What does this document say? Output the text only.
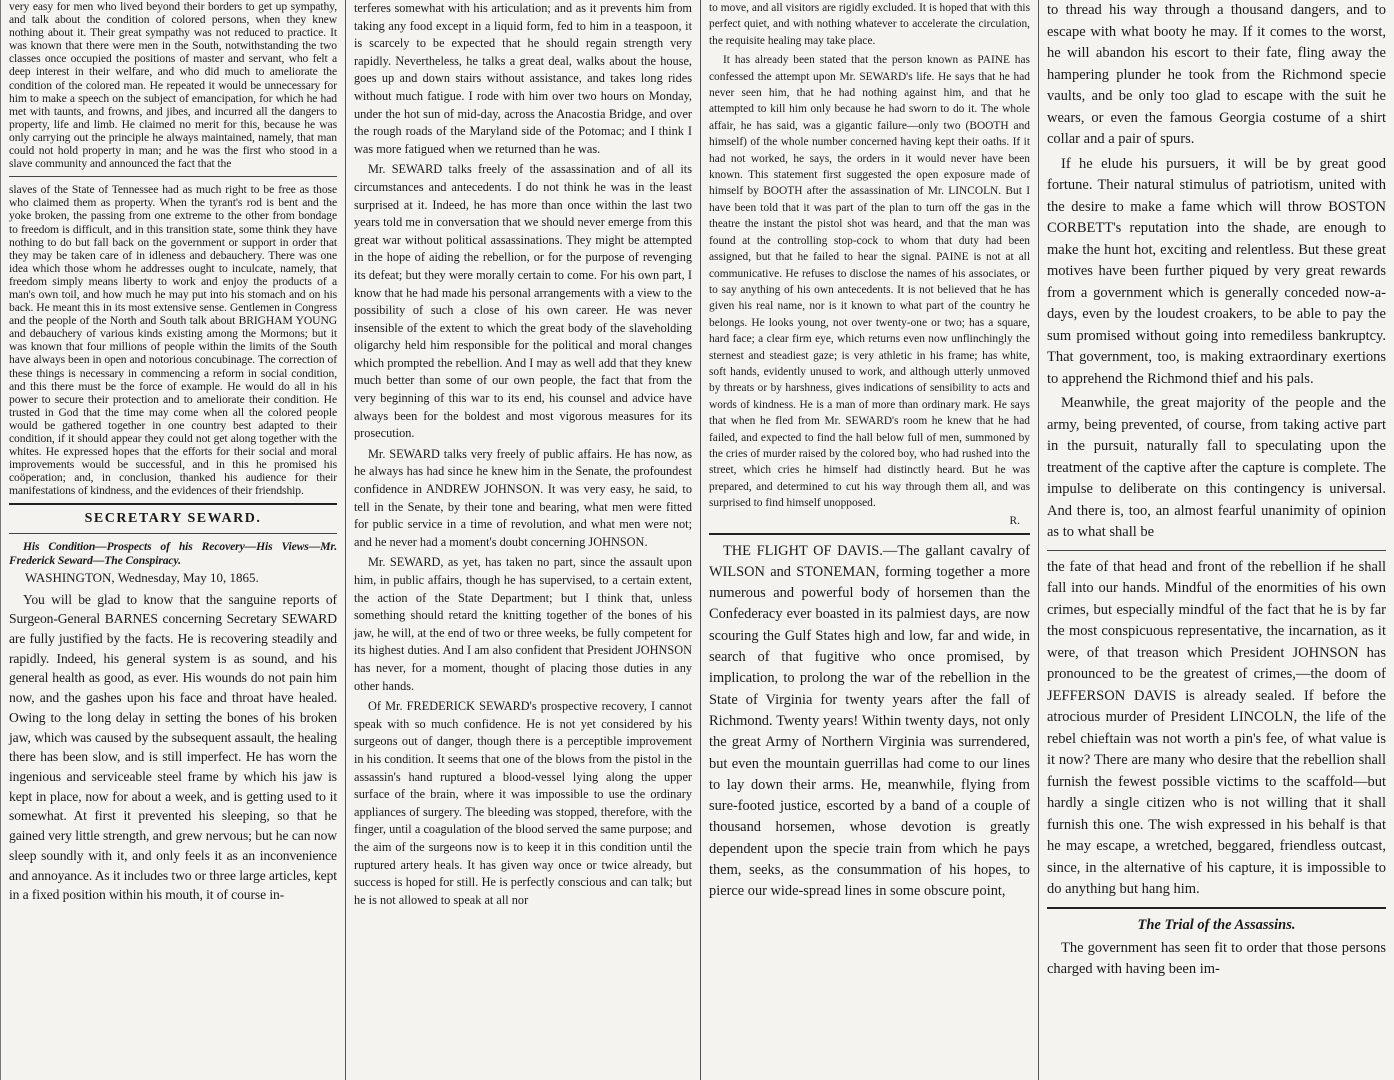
very easy for men who lived beyond their borders to get up sympathy, and talk about the condition of colored persons, when they knew nothing about it. Their great sympathy was not reduced to practice. It was known that there were men in the South, notwithstanding the two classes once occupied the positions of master and servant, who felt a deep interest in their welfare, and who did much to ameliorate the condition of the colored man. He repeated it would be unnecessary for him to make a speech on the subject of emancipation, for which he had met with taunts, and frowns, and jibes, and incurred all the dangers to property, life and limb. He claimed no merit for this, because he was only carrying out the principle he always maintained, namely, that man could not hold property in man; and he was the first who stood in a slave community and announced the fact that the

slaves of the State of Tennessee had as much right to be free as those who claimed them as property. When the tyrant's rod is bent and the yoke broken, the passing from one extreme to the other from bondage to freedom is difficult, and in this transition state, some think they have nothing to do but fall back on the government or support in order that they may be taken care of in idleness and debauchery. There was one idea which those whom he addresses ought to inculcate, namely, that freedom simply means liberty to work and enjoy the products of a man's own toil, and how much he may put into his stomach and on his back. He meant this in its most extensive sense. Gentlemen in Congress and the people of the North and South talk about BRIGHAM YOUNG and debauchery of various kinds existing among the Mormons; but it was known that four millions of people within the limits of the South have always been in open and notorious concubinage. The correction of these things is necessary in commencing a reform in social condition, and this there must be the force of example. He would do all in his power to secure their protection and to ameliorate their condition. He trusted in God that the time may come when all the colored people would be gathered together in one country best adapted to their condition, if it should appear they could not get along together with the whites. He expressed hopes that the efforts for their social and moral improvements would be successful, and in this he promised his coöperation; and, in conclusion, thanked his audience for their manifestations of kindness, and the evidences of their friendship.

SECRETARY SEWARD.

His Condition—Prospects of his Recovery—His Views—Mr. Frederick Seward—The Conspiracy.

WASHINGTON, Wednesday, May 10, 1865.

You will be glad to know that the sanguine reports of Surgeon-General BARNES concerning Secretary SEWARD are fully justified by the facts. He is recovering steadily and rapidly. Indeed, his general system is as sound, and his general health as good, as ever. His wounds do not pain him now, and the gashes upon his face and throat have healed. Owing to the long delay in setting the bones of his broken jaw, which was caused by the subsequent assault, the healing there has been slow, and is still imperfect. He has worn the ingenious and serviceable steel frame by which his jaw is kept in place, now for about a week, and is getting used to it somewhat. At first it prevented his sleeping, so that he gained very little strength, and grew nervous; but he can now sleep soundly with it, and only feels it as an inconvenience and annoyance. As it includes two or three large articles, kept in a fixed position within his mouth, it of course in-

terferes somewhat with his articulation; and as it prevents him from taking any food except in a liquid form, fed to him in a teaspoon, it is scarcely to be expected that he should regain strength very rapidly. Nevertheless, he talks a great deal, walks about the house, goes up and down stairs without assistance, and takes long rides without much fatigue. I rode with him over two hours on Monday, under the hot sun of mid-day, across the Anacostia Bridge, and over the rough roads of the Maryland side of the Potomac; and I think I was more fatigued when we returned than he was.

Mr. SEWARD talks freely of the assassination and of all its circumstances and antecedents. I do not think he was in the least surprised at it. Indeed, he has more than once within the last two years told me in conversation that we should never emerge from this great war without political assassinations. They might be attempted in the hope of aiding the rebellion, or for the purpose of revenging its defeat; but they were morally certain to come. For his own part, I know that he had made his personal arrangements with a view to the possibility of such a close of his own career. He was never insensible of the extent to which the great body of the slaveholding oligarchy held him responsible for the political and moral changes which prompted the rebellion. And I may as well add that they knew much better than some of our own people, the fact that from the very beginning of this war to its end, his counsel and advice have always been for the boldest and most vigorous measures for its prosecution.

Mr. SEWARD talks very freely of public affairs. He has now, as he always has had since he knew him in the Senate, the profoundest confidence in ANDREW JOHNSON. It was very easy, he said, to tell in the Senate, by their tone and bearing, what men were fitted for public service in a time of revolution, and what men were not; and he never had a moment's doubt concerning JOHNSON.

Mr. SEWARD, as yet, has taken no part, since the assault upon him, in public affairs, though he has supervised, to a certain extent, the action of the State Department; but I think that, unless something should retard the knitting together of the bones of his jaw, he will, at the end of two or three weeks, be fully competent for its highest duties. And I am also confident that President JOHNSON has never, for a moment, thought of placing those duties in any other hands.

Of Mr. FREDERICK SEWARD's prospective recovery, I cannot speak with so much confidence. He is not yet considered by his surgeons out of danger, though there is a perceptible improvement in his condition. It seems that one of the blows from the pistol in the assassin's hand ruptured a blood-vessel lying along the upper surface of the brain, where it was impossible to use the ordinary appliances of surgery. The bleeding was stopped, therefore, with the finger, until a coagulation of the blood served the same purpose; and the aim of the surgeons now is to keep it in this condition until the ruptured artery heals. It has given way once or twice already, but success is hoped for still. He is perfectly conscious and can talk; but he is not allowed to speak at all nor

to move, and all visitors are rigidly excluded. It is hoped that with this perfect quiet, and with nothing whatever to accelerate the circulation, the requisite healing may take place.

It has already been stated that the person known as PAINE has confessed the attempt upon Mr. SEWARD's life. He says that he had never seen him, that he had nothing against him, and that he attempted to kill him only because he had sworn to do it. The whole affair, he has said, was a gigantic failure—only two (BOOTH and himself) of the whole number concerned having kept their oaths. If it had not worked, he says, the orders in it would never have been known. This statement first suggested the open exposure made of himself by BOOTH after the assassination of Mr. LINCOLN. But I have been told that it was part of the plan to turn off the gas in the theatre the instant the pistol shot was heard, and that the man was found at the controlling stop-cock to whom that duty had been assigned, but that he failed to hear the signal. PAINE is not at all communicative. He refuses to disclose the names of his associates, or to say anything of his own antecedents. It is not believed that he has given his real name, nor is it known to what part of the country he belongs. He looks young, not over twenty-one or two; has a square, hard face; a clear firm eye, which returns even now unflinchingly the sternest and steadiest gaze; is very athletic in his frame; has white, soft hands, evidently unused to work, and although utterly unmoved by threats or by harshness, gives indications of sensibility to acts and words of kindness. He is a man of more than ordinary mark. He says that when he fled from Mr. SEWARD's room he knew that he had failed, and expected to find the hall below full of men, summoned by the cries of murder raised by the colored boy, who had rushed into the street, which cries he himself had distinctly heard. But he was prepared, and determined to cut his way through them all, and was surprised to find himself unopposed.

R.

THE FLIGHT OF DAVIS.—The gallant cavalry of WILSON and STONEMAN, forming together a more numerous and powerful body of horsemen than the Confederacy ever boasted in its palmiest days, are now scouring the Gulf States high and low, far and wide, in search of that fugitive who once promised, by implication, to prolong the war of the rebellion in the State of Virginia for twenty years after the fall of Richmond. Twenty years! Within twenty days, not only the great Army of Northern Virginia was surrendered, but even the mountain guerrillas had come to our lines to lay down their arms. He, meanwhile, flying from sure-footed justice, escorted by a band of a couple of thousand horsemen, whose devotion is greatly dependent upon the specie train from which he pays them, seeks, as the consummation of his hopes, to pierce our wide-spread lines in some obscure point,

to thread his way through a thousand dangers, and to escape with what booty he may. If it comes to the worst, he will abandon his escort to their fate, fling away the hampering plunder he took from the Richmond specie vaults, and be only too glad to escape with the suit he wears, or even the famous Georgia costume of a shirt collar and a pair of spurs.

If he elude his pursuers, it will be by great good fortune. Their natural stimulus of patriotism, united with the desire to make a fame which will throw BOSTON CORBETT's reputation into the shade, are enough to make the hunt hot, exciting and relentless. But these great motives have been further piqued by very great rewards from a government which is generally conceded now-a-days, even by the loudest croakers, to be able to pay the sum promised without going into remediless bankruptcy. That government, too, is making extraordinary exertions to apprehend the Richmond thief and his pals.

Meanwhile, the great majority of the people and the army, being prevented, of course, from taking active part in the pursuit, naturally fall to speculating upon the treatment of the captive after the capture is complete. The impulse to deliberate on this contingency is universal. And there is, too, an almost fearful unanimity of opinion as to what shall be

the fate of that head and front of the rebellion if he shall fall into our hands. Mindful of the enormities of his own crimes, but especially mindful of the fact that he is by far the most conspicuous representative, the incarnation, as it were, of that treason which President JOHNSON has pronounced to be the greatest of crimes,—the doom of JEFFERSON DAVIS is already sealed. If before the atrocious murder of President LINCOLN, the life of the rebel chieftain was not worth a pin's fee, of what value is it now? There are many who desire that the rebellion shall furnish the fewest possible victims to the scaffold—but hardly a single citizen who is not willing that it shall furnish this one. The wish expressed in his behalf is that he may escape, a wretched, beggared, friendless outcast, since, in the alternative of his capture, it is impossible to do anything but hang him.

The Trial of the Assassins.

The government has seen fit to order that those persons charged with having been im-
